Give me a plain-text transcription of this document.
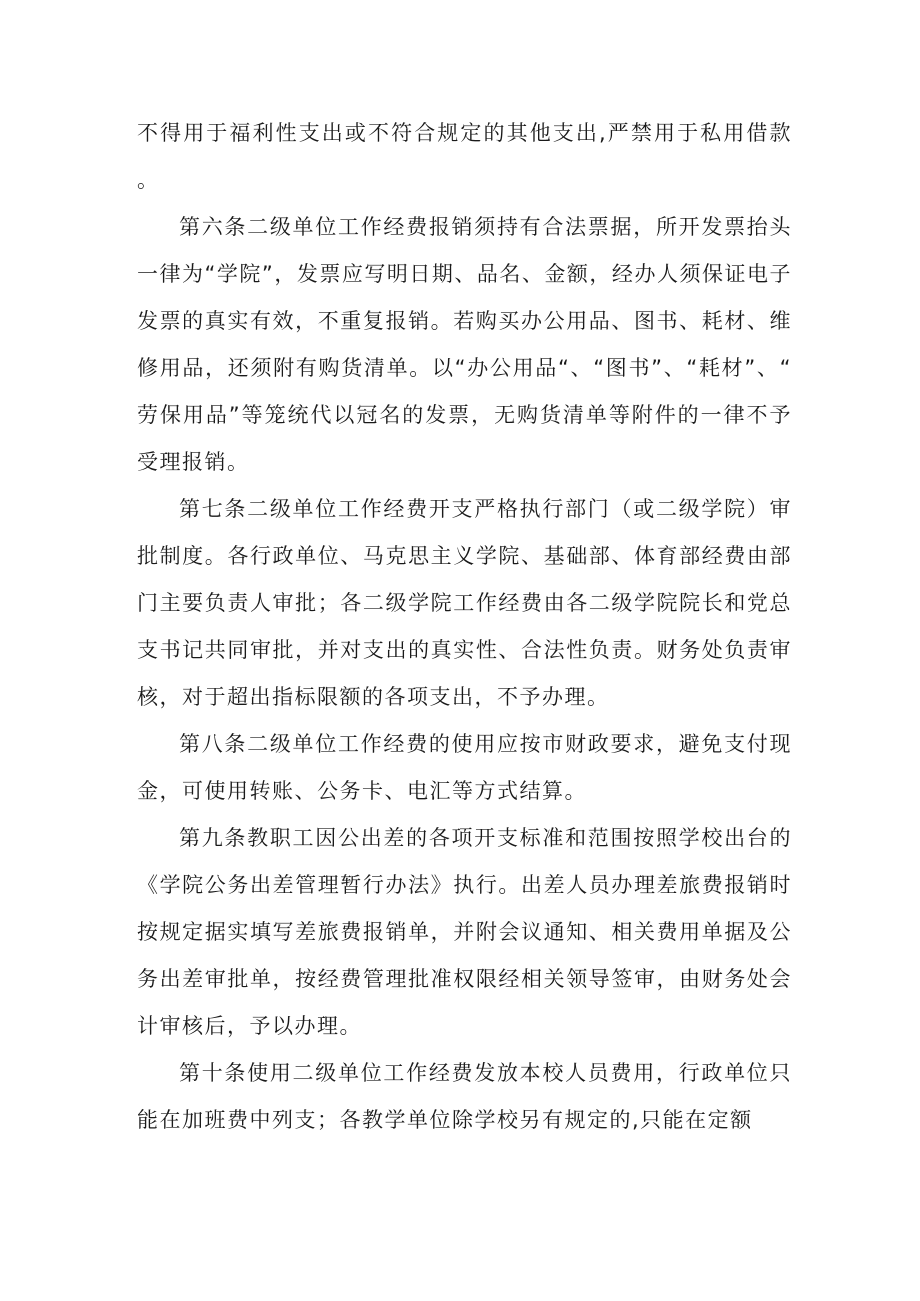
不得用于福利性支出或不符合规定的其他支出,严禁用于私用借款。

第六条二级单位工作经费报销须持有合法票据，所开发票抬头一律为“学院”，发票应写明日期、品名、金额，经办人须保证电子发票的真实有效，不重复报销。若购买办公用品、图书、耗材、维修用品，还须附有购货清单。以“办公用品“、“图书”、“耗材”、“劳保用品”等笼统代以冠名的发票，无购货清单等附件的一律不予受理报销。

第七条二级单位工作经费开支严格执行部门（或二级学院）审批制度。各行政单位、马克思主义学院、基础部、体育部经费由部门主要负责人审批；各二级学院工作经费由各二级学院院长和党总支书记共同审批，并对支出的真实性、合法性负责。财务处负责审核，对于超出指标限额的各项支出，不予办理。

第八条二级单位工作经费的使用应按市财政要求，避免支付现金，可使用转账、公务卡、电汇等方式结算。

第九条教职工因公出差的各项开支标准和范围按照学校出台的《学院公务出差管理暂行办法》执行。出差人员办理差旅费报销时按规定据实填写差旅费报销单，并附会议通知、相关费用单据及公务出差审批单，按经费管理批准权限经相关领导签审，由财务处会计审核后，予以办理。

第十条使用二级单位工作经费发放本校人员费用，行政单位只能在加班费中列支；各教学单位除学校另有规定的,只能在定额
